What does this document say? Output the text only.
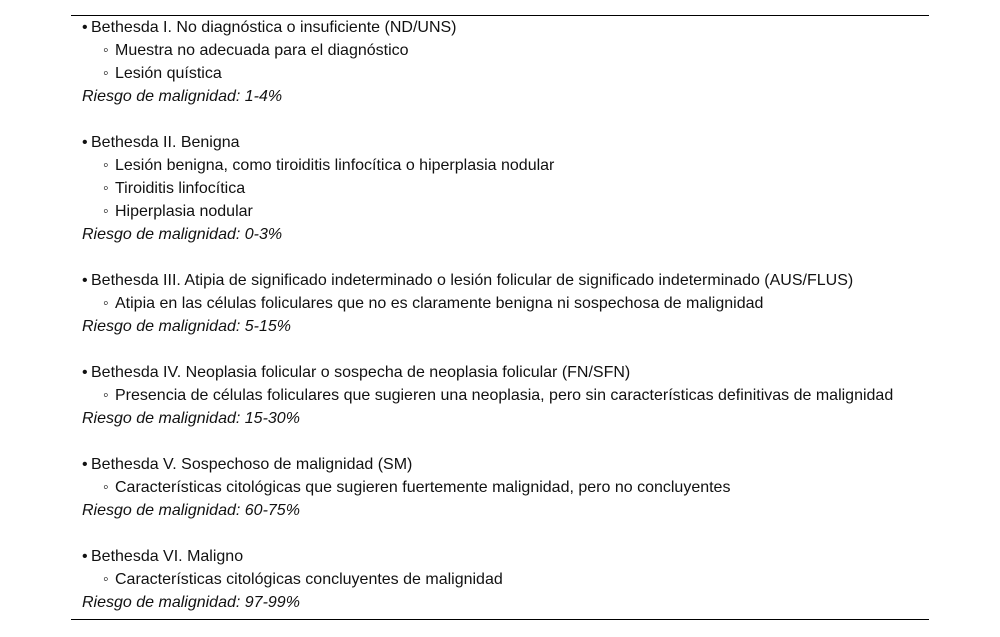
• Bethesda I. No diagnóstica o insuficiente (ND/UNS)
◦ Muestra no adecuada para el diagnóstico
◦ Lesión quística
Riesgo de malignidad: 1-4%
• Bethesda II. Benigna
◦ Lesión benigna, como tiroiditis linfocítica o hiperplasia nodular
◦ Tiroiditis linfocítica
◦ Hiperplasia nodular
Riesgo de malignidad: 0-3%
• Bethesda III. Atipia de significado indeterminado o lesión folicular de significado indeterminado (AUS/FLUS)
◦ Atipia en las células foliculares que no es claramente benigna ni sospechosa de malignidad
Riesgo de malignidad: 5-15%
• Bethesda IV. Neoplasia folicular o sospecha de neoplasia folicular (FN/SFN)
◦ Presencia de células foliculares que sugieren una neoplasia, pero sin características definitivas de malignidad
Riesgo de malignidad: 15-30%
• Bethesda V. Sospechoso de malignidad (SM)
◦ Características citológicas que sugieren fuertemente malignidad, pero no concluyentes
Riesgo de malignidad: 60-75%
• Bethesda VI. Maligno
◦ Características citológicas concluyentes de malignidad
Riesgo de malignidad: 97-99%
